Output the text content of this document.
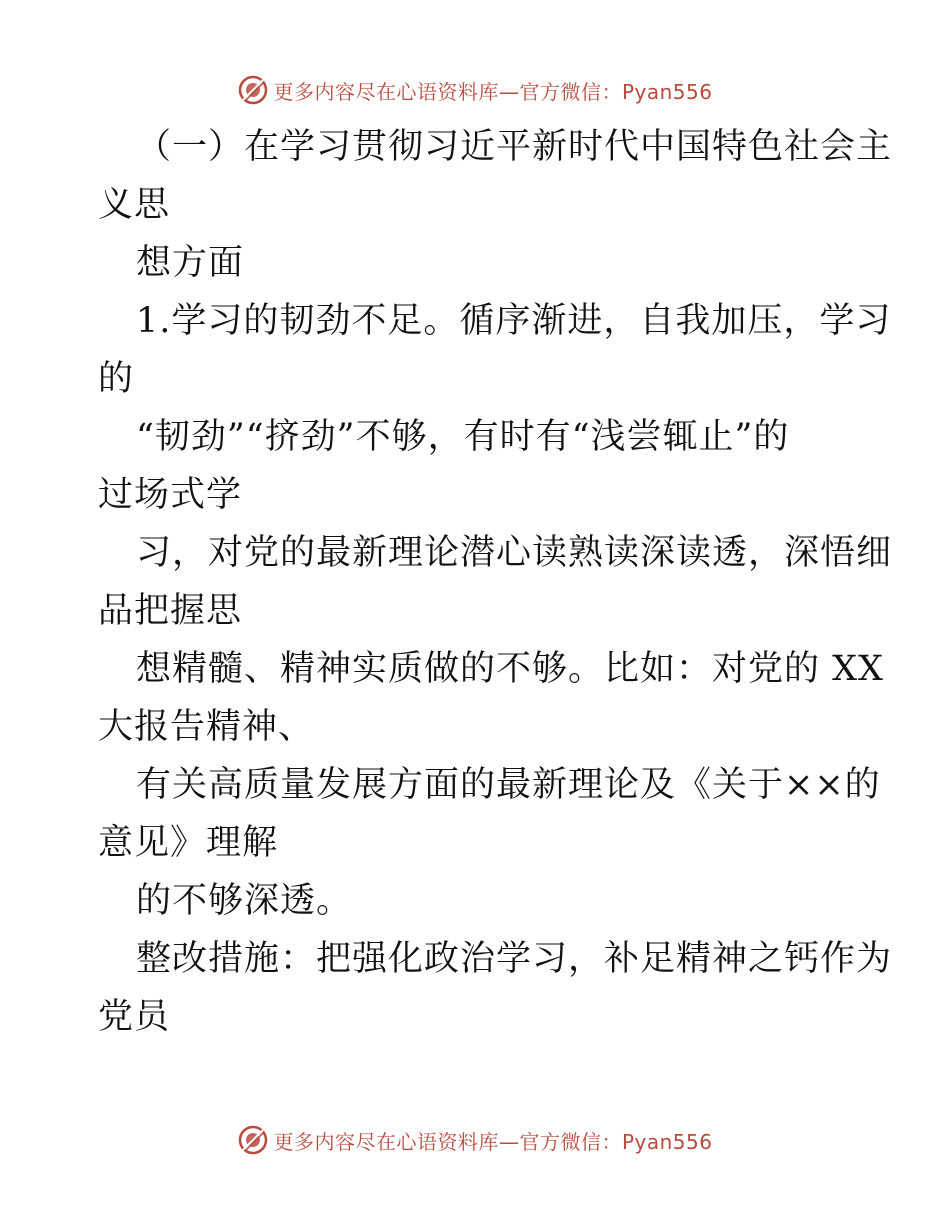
更多内容尽在心语资料库—官方微信：Pyan556
（一）在学习贯彻习近平新时代中国特色社会主
义思
想方面
1.学习的韧劲不足。循序渐进，自我加压，学习
的
“韧劲”“挤劲”不够，有时有“浅尝辄止”的
过场式学
习，对党的最新理论潜心读熟读深读透，深悟细
品把握思
想精髓、精神实质做的不够。比如：对党的 XX
大报告精神、
有关高质量发展方面的最新理论及《关于××的
意见》理解
的不够深透。
整改措施：把强化政治学习，补足精神之钙作为
党员
更多内容尽在心语资料库—官方微信：Pyan556
